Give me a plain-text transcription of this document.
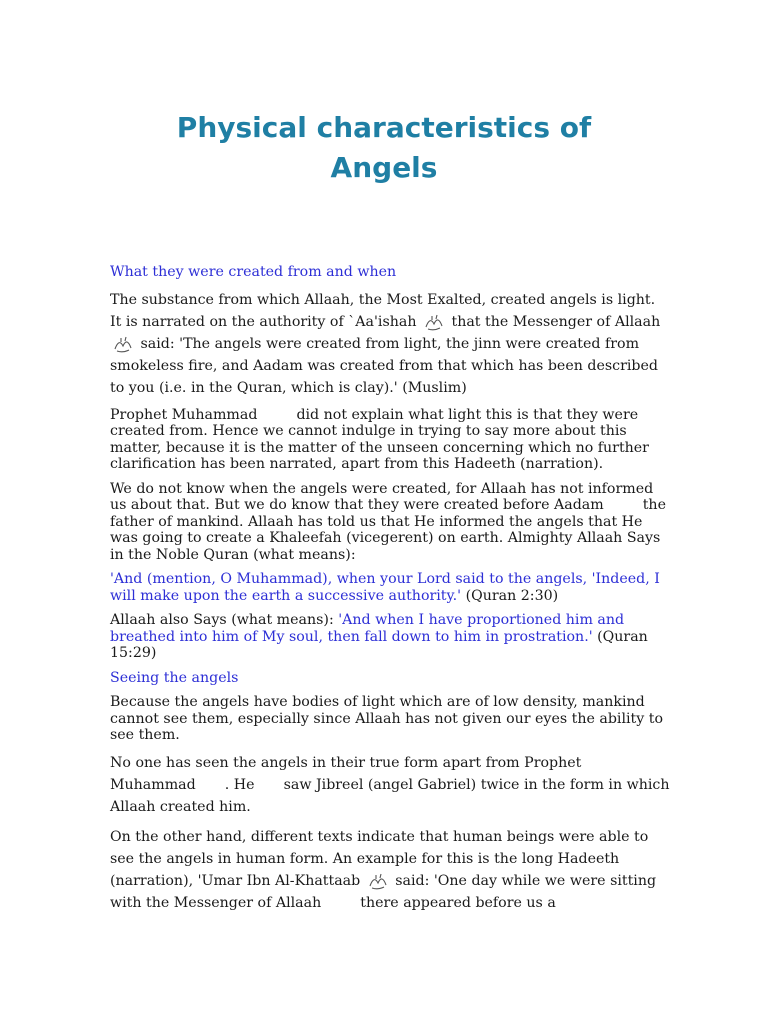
Physical characteristics of
Angels

What they were created from and when

The substance from which Allaah, the Most Exalted, created angels is light. It is narrated on the authority of `Aa'ishah that the Messenger of Allaah
said: 'The angels were created from light, the jinn were created from smokeless fire, and Aadam was created from that which has been described to you (i.e. in the Quran, which is clay).' (Muslim)

Prophet Muhammad	did not explain what light this is that they were created from. Hence we cannot indulge in trying to say more about this matter, because it is the matter of the unseen concerning which no further clarification has been narrated, apart from this Hadeeth (narration).

We do not know when the angels were created, for Allaah has not informed us about that. But we do know that they were created before Aadam	the father of mankind. Allaah has told us that He informed the angels that He was going to create a Khaleefah (vicegerent) on earth. Almighty Allaah Says in the Noble Quran (what means):

'And (mention, O Muhammad), when your Lord said to the angels, 'Indeed, I will make upon the earth a successive authority.' (Quran 2:30)

Allaah also Says (what means): 'And when I have proportioned him and breathed into him of My soul, then fall down to him in prostration.' (Quran 15:29)

Seeing the angels

Because the angels have bodies of light which are of low density, mankind cannot see them, especially since Allaah has not given our eyes the ability to see them.

No one has seen the angels in their true form apart from Prophet Muhammad . He saw Jibreel (angel Gabriel) twice in the form in which Allaah created him.

On the other hand, different texts indicate that human beings were able to see the angels in human form. An example for this is the long Hadeeth (narration), 'Umar Ibn Al-Khattaab said: 'One day while we were sitting with the Messenger of Allaah	there appeared before us a
